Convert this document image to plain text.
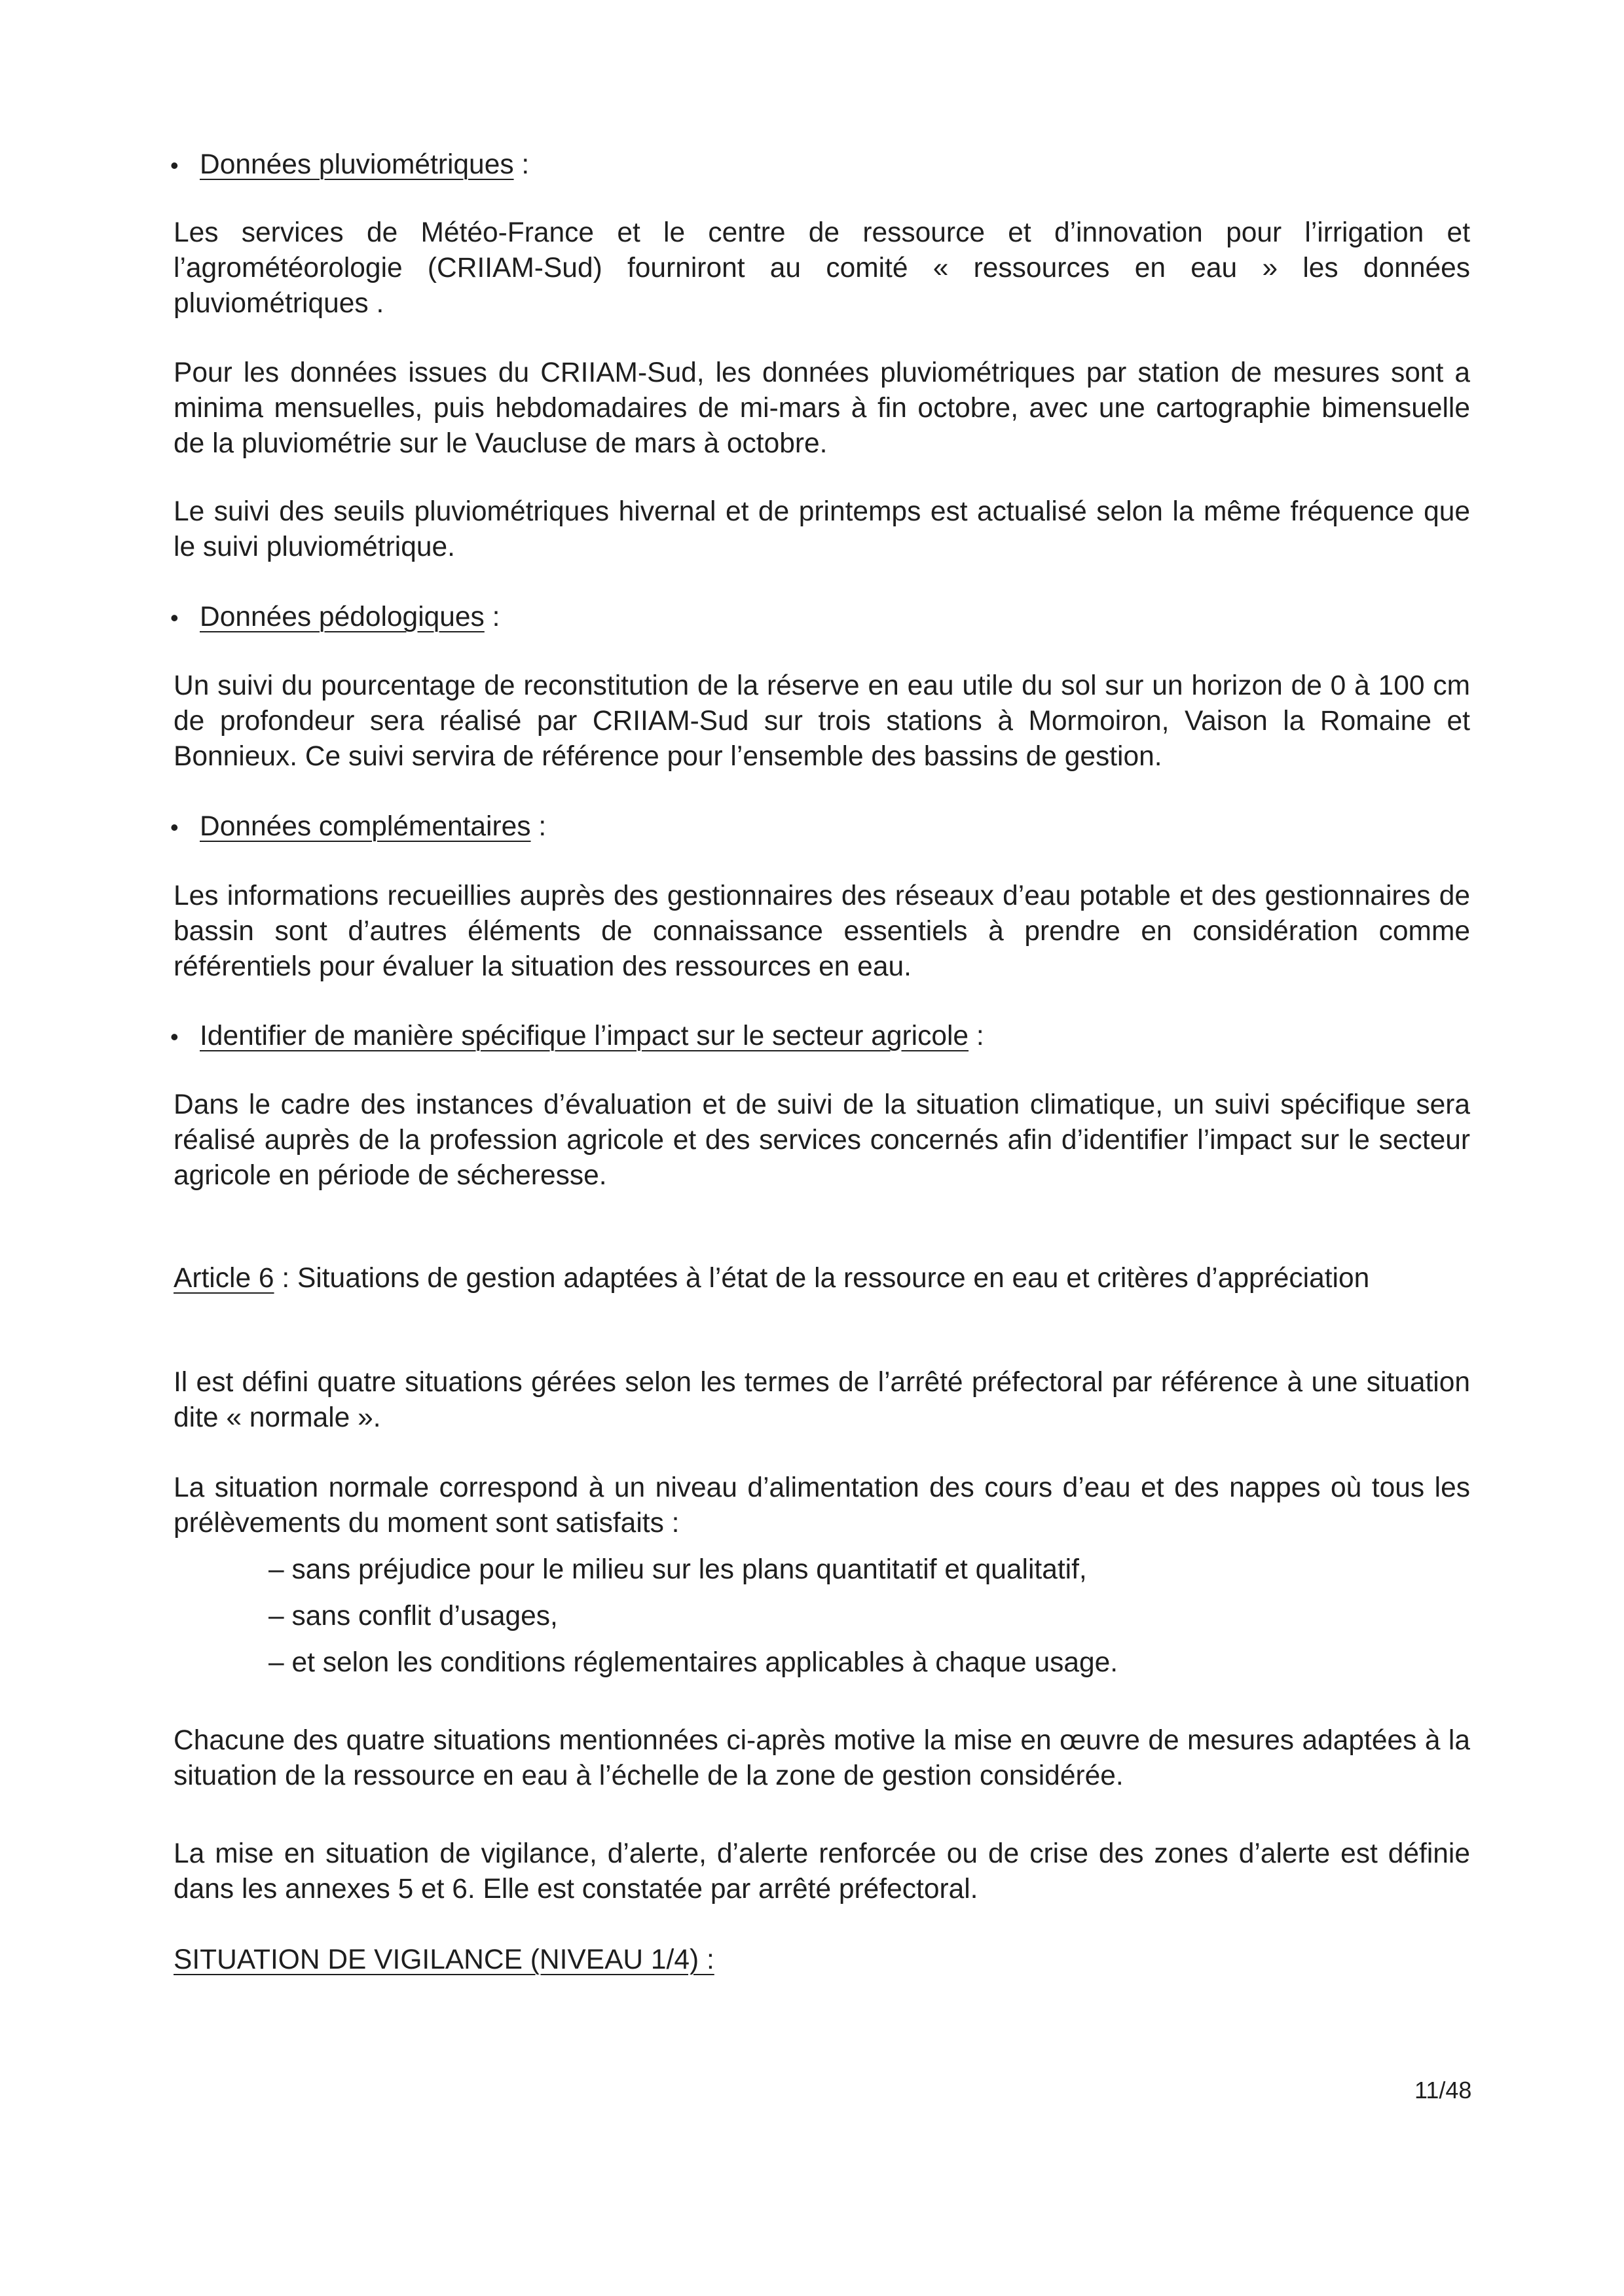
• Données pluviométriques :
Les services de Météo-France et le centre de ressource et d’innovation pour l’irrigation et l’agrométéorologie (CRIIAM-Sud) fourniront au comité « ressources en eau » les données pluviométriques .
Pour les données issues du CRIIAM-Sud, les données pluviométriques par station de mesures sont a minima mensuelles, puis hebdomadaires de mi-mars à fin octobre, avec une cartographie bimensuelle de la pluviométrie sur le Vaucluse de mars à octobre.
Le suivi des seuils pluviométriques hivernal et de printemps est actualisé selon la même fréquence que le suivi pluviométrique.
• Données pédologiques :
Un suivi du pourcentage de reconstitution de la réserve en eau utile du sol sur un horizon de 0 à 100 cm de profondeur sera réalisé par CRIIAM-Sud sur trois stations à Mormoiron, Vaison la Romaine et Bonnieux. Ce suivi servira de référence pour l’ensemble des bassins de gestion.
• Données complémentaires :
Les informations recueillies auprès des gestionnaires des réseaux d’eau potable et des gestionnaires de bassin sont d’autres éléments de connaissance essentiels à prendre en considération comme référentiels pour évaluer la situation des ressources en eau.
• Identifier de manière spécifique l’impact sur le secteur agricole :
Dans le cadre des instances d’évaluation et de suivi de la situation climatique, un suivi spécifique sera réalisé auprès de la profession agricole et des services concernés afin d’identifier l’impact sur le secteur agricole en période de sécheresse.
Article 6 : Situations de gestion adaptées à l’état de la ressource en eau et critères d’appréciation
Il est défini quatre situations gérées selon les termes de l’arrêté préfectoral par référence à une situation dite « normale ».
La situation normale correspond à un niveau d’alimentation des cours d’eau et des nappes où tous les prélèvements du moment sont satisfaits :
– sans préjudice pour le milieu sur les plans quantitatif et qualitatif,
– sans conflit d’usages,
– et selon les conditions réglementaires applicables à chaque usage.
Chacune des quatre situations mentionnées ci-après motive la mise en œuvre de mesures adaptées à la situation de la ressource en eau à l’échelle de la zone de gestion considérée.
La mise en situation de vigilance, d’alerte, d’alerte renforcée ou de crise des zones d’alerte est définie dans les annexes 5 et 6. Elle est constatée par arrêté préfectoral.
SITUATION DE VIGILANCE (NIVEAU 1/4) :
11/48
